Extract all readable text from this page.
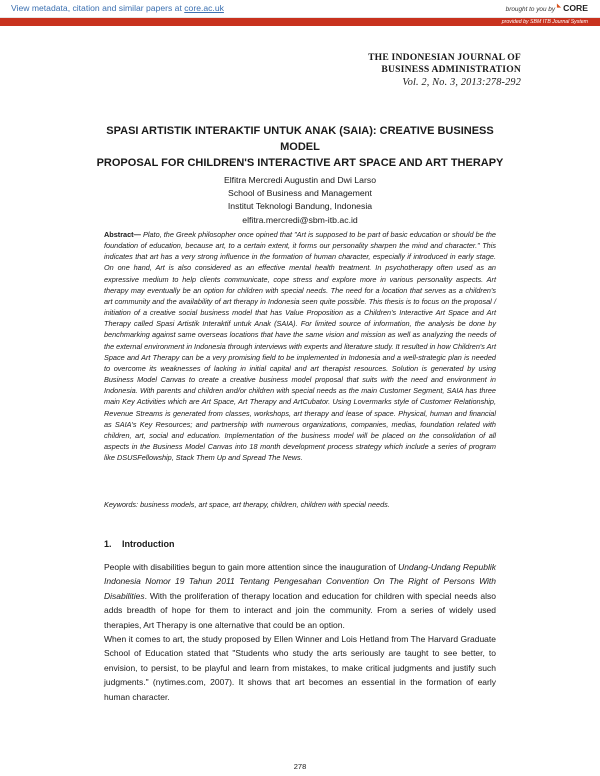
View metadata, citation and similar papers at core.ac.uk	brought to you by ◣ CORE
provided by SBM ITB Journal System
THE INDONESIAN JOURNAL OF
BUSINESS ADMINISTRATION
Vol. 2, No. 3, 2013:278-292
SPASI ARTISTIK INTERAKTIF UNTUK ANAK (SAIA): CREATIVE BUSINESS MODEL
PROPOSAL FOR CHILDREN'S INTERACTIVE ART SPACE AND ART THERAPY
Elfitra Mercredi Augustin and Dwi Larso
School of Business and Management
Institut Teknologi Bandung, Indonesia
elfitra.mercredi@sbm-itb.ac.id
Abstract— Plato, the Greek philosopher once opined that "Art is supposed to be part of basic education or should be the foundation of education, because art, to a certain extent, it forms our personality sharpen the mind and character." This indicates that art has a very strong influence in the formation of human character, especially if introduced in early stage. On one hand, Art is also considered as an effective mental health treatment. In psychotherapy often used as an expressive medium to help clients communicate, cope stress and explore more in various personality aspects. Art therapy may eventually be an option for children with special needs. The need for a location that serves as a children's art community and the availability of art therapy in Indonesia seen quite possible. This thesis is to focus on the proposal / initiation of a creative social business model that has Value Proposition as a Children's Interactive Art Space and Art Therapy called Spasi Artistik Interaktif untuk Anak (SAIA). For limited source of information, the analysis be done by benchmarking against same overseas locations that have the same vision and mission as well as analyzing the needs of the external environment in Indonesia through interviews with experts and literature study. It resulted in how Children's Art Space and Art Therapy can be a very promising field to be implemented in Indonesia and a well-strategic plan is needed to overcome its weaknesses of lacking in initial capital and art therapist resources. Solution is generated by using Business Model Canvas to create a creative business model proposal that suits with the need and environment in Indonesia. With parents and children and/or children with special needs as the main Customer Segment, SAIA has three main Key Activities which are Art Space, Art Therapy and ArtCubator. Using Lovermarks style of Customer Relationship, Revenue Streams is generated from classes, workshops, art therapy and lease of space. Physical, human and financial as SAIA's Key Resources; and partnership with numerous organizations, companies, medias, foundation related with children, art, social and education. Implementation of the business model will be placed on the consolidation of all aspects in the Business Model Canvas into 18 month development process strategy which include a series of program like DSUSFellowship, Stack Them Up and Spread The News.
Keywords: business models, art space, art therapy, children, children with special needs.
1. Introduction
People with disabilities begun to gain more attention since the inauguration of Undang-Undang Republik Indonesia Nomor 19 Tahun 2011 Tentang Pengesahan Convention On The Right of Persons With Disabilities. With the proliferation of therapy location and education for children with special needs also adds breadth of hope for them to interact and join the community. From a series of widely used therapies, Art Therapy is one alternative that could be an option.
When it comes to art, the study proposed by Ellen Winner and Lois Hetland from The Harvard Graduate School of Education stated that "Students who study the arts seriously are taught to see better, to envision, to persist, to be playful and learn from mistakes, to make critical judgments and justify such judgments." (nytimes.com, 2007). It shows that art becomes an essential in the formation of early human character.
278
